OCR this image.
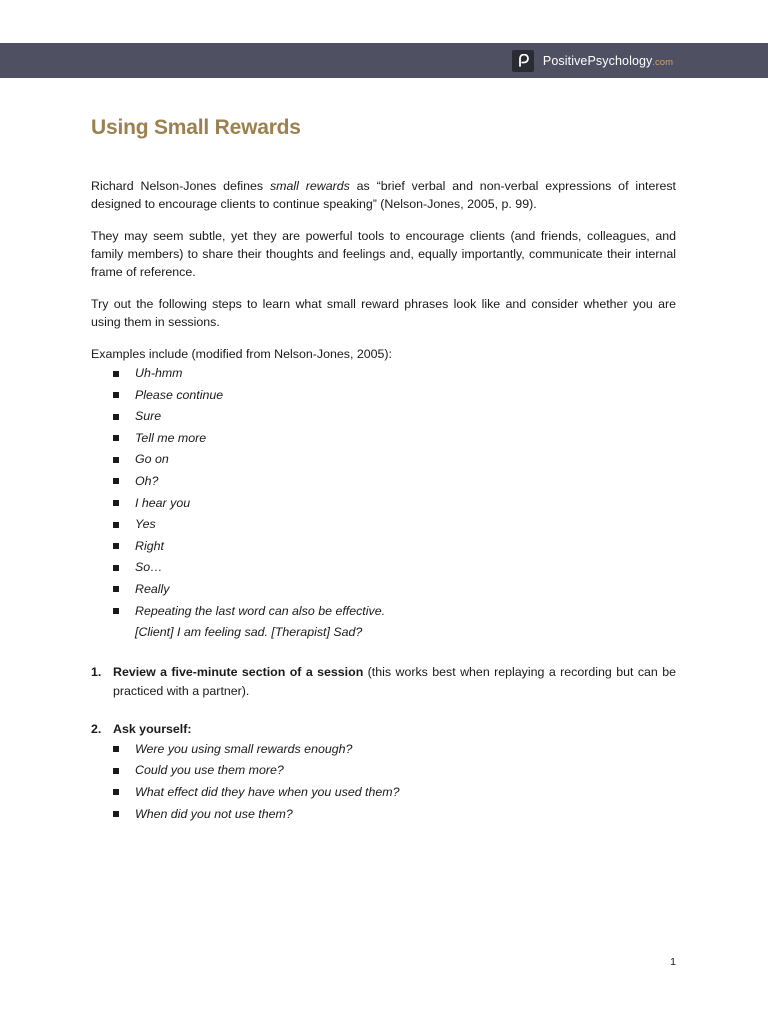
PositivePsychology.com
Using Small Rewards

Richard Nelson-Jones defines small rewards as “brief verbal and non-verbal expressions of interest designed to encourage clients to continue speaking” (Nelson-Jones, 2005, p. 99).

They may seem subtle, yet they are powerful tools to encourage clients (and friends, colleagues, and family members) to share their thoughts and feelings and, equally importantly, communicate their internal frame of reference.

Try out the following steps to learn what small reward phrases look like and consider whether you are using them in sessions.

Examples include (modified from Nelson-Jones, 2005):

Uh-hmm
Please continue
Sure
Tell me more
Go on
Oh?
I hear you
Yes
Right
So…
Really
Repeating the last word can also be effective.
[Client] I am feeling sad. [Therapist] Sad?
1. Review a five-minute section of a session (this works best when replaying a recording but can be practiced with a partner).
2. Ask yourself:
Were you using small rewards enough?
Could you use them more?
What effect did they have when you used them?
When did you not use them?
1
